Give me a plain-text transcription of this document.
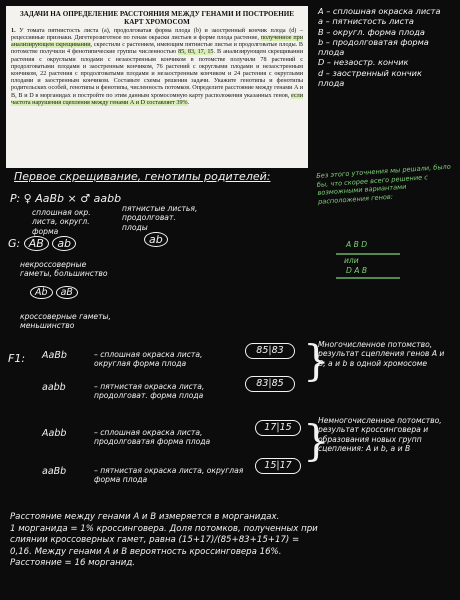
ЗАДАЧИ НА ОПРЕДЕЛЕНИЕ РАССТОЯНИЯ МЕЖДУ ГЕНАМИ И ПОСТРОЕНИЕ КАРТ ХРОМОСОМ
1. У томата пятнистость листа (a), продолговатая форма плода (b) и заостренный кончик плода (d) – рецессивные признаки. Дигетерозиготное по генам окраски листьев и форме плода растение, полученное при анализирующем скрещивании, скрестили с растением, имеющим пятнистые листья и продолговатые плоды. В потомстве получили 4 фенотипические группы численностью 85, 83, 17, 15. В анализирующем скрещивании растения с округлыми плодами с незаостренным кончиком в потомстве получили 78 растений с продолговатыми плодами и заостренным кончиком, 76 растений с округлыми плодами и незаостренным кончиком, 22 растения с продолговатыми плодами и незаостренным кончиком и 24 растения с округлыми плодами и заостренным кончиком. Составьте схемы решения задачи. Укажите генотипы и фенотипы родительских особей, генотипы и фенотипы, численность потомков. Определите расстояние между генами A и B, B и D в морганидах и постройте по этим данным хромосомную карту расположения указанных генов, если частота нарушения сцепления между генами А и D составляет 39%.
A – сплошная окраска листа
a – пятнистость листа
B – округл. форма плода
b – продолговатая форма
плода
D – незаостр. кончик
d – заостренный кончик
плода
Без этого уточнения мы решали, было бы, что скорее всего решение с возможными вариантами расположения генов:
A B D
или
D A B
Первое скрещивание, генотипы родителей:
P: ♀ AaBb × ♂ aabb
сплошная окр. листа, округл. форма
пятнистые листья, продолговат. плоды
G: AB ab	ab
некроссоверные гаметы, большинство
Ab aB
кроссоверные гаметы, меньшинство
F1: AaBb	– сплошная окраска листа, округлая форма плода
85|83
aabb	– пятнистая окраска листа, продолговат. форма плода
83|85
Aabb	– сплошная окраска листа, продолговатая форма плода
17|15
aaBb	– пятнистая окраска листа, округлая форма плода
15|17
}
Многочисленное потомство, результат сцепления генов А и В, а и b в одной хромосоме
}
Немногочисленное потомство, результат кроссинговера и образования новых групп сцепления: A и b, a и B
Расстояние между генами A и B измеряется в морганидах.
1 морганида = 1% кроссинговера. Доля потомков, полученных при
слиянии кроссоверных гамет, равна (15+17)/(85+83+15+17) =
0,16. Между генами A и B вероятность кроссинговера 16%.
Расстояние = 16 морганид.
